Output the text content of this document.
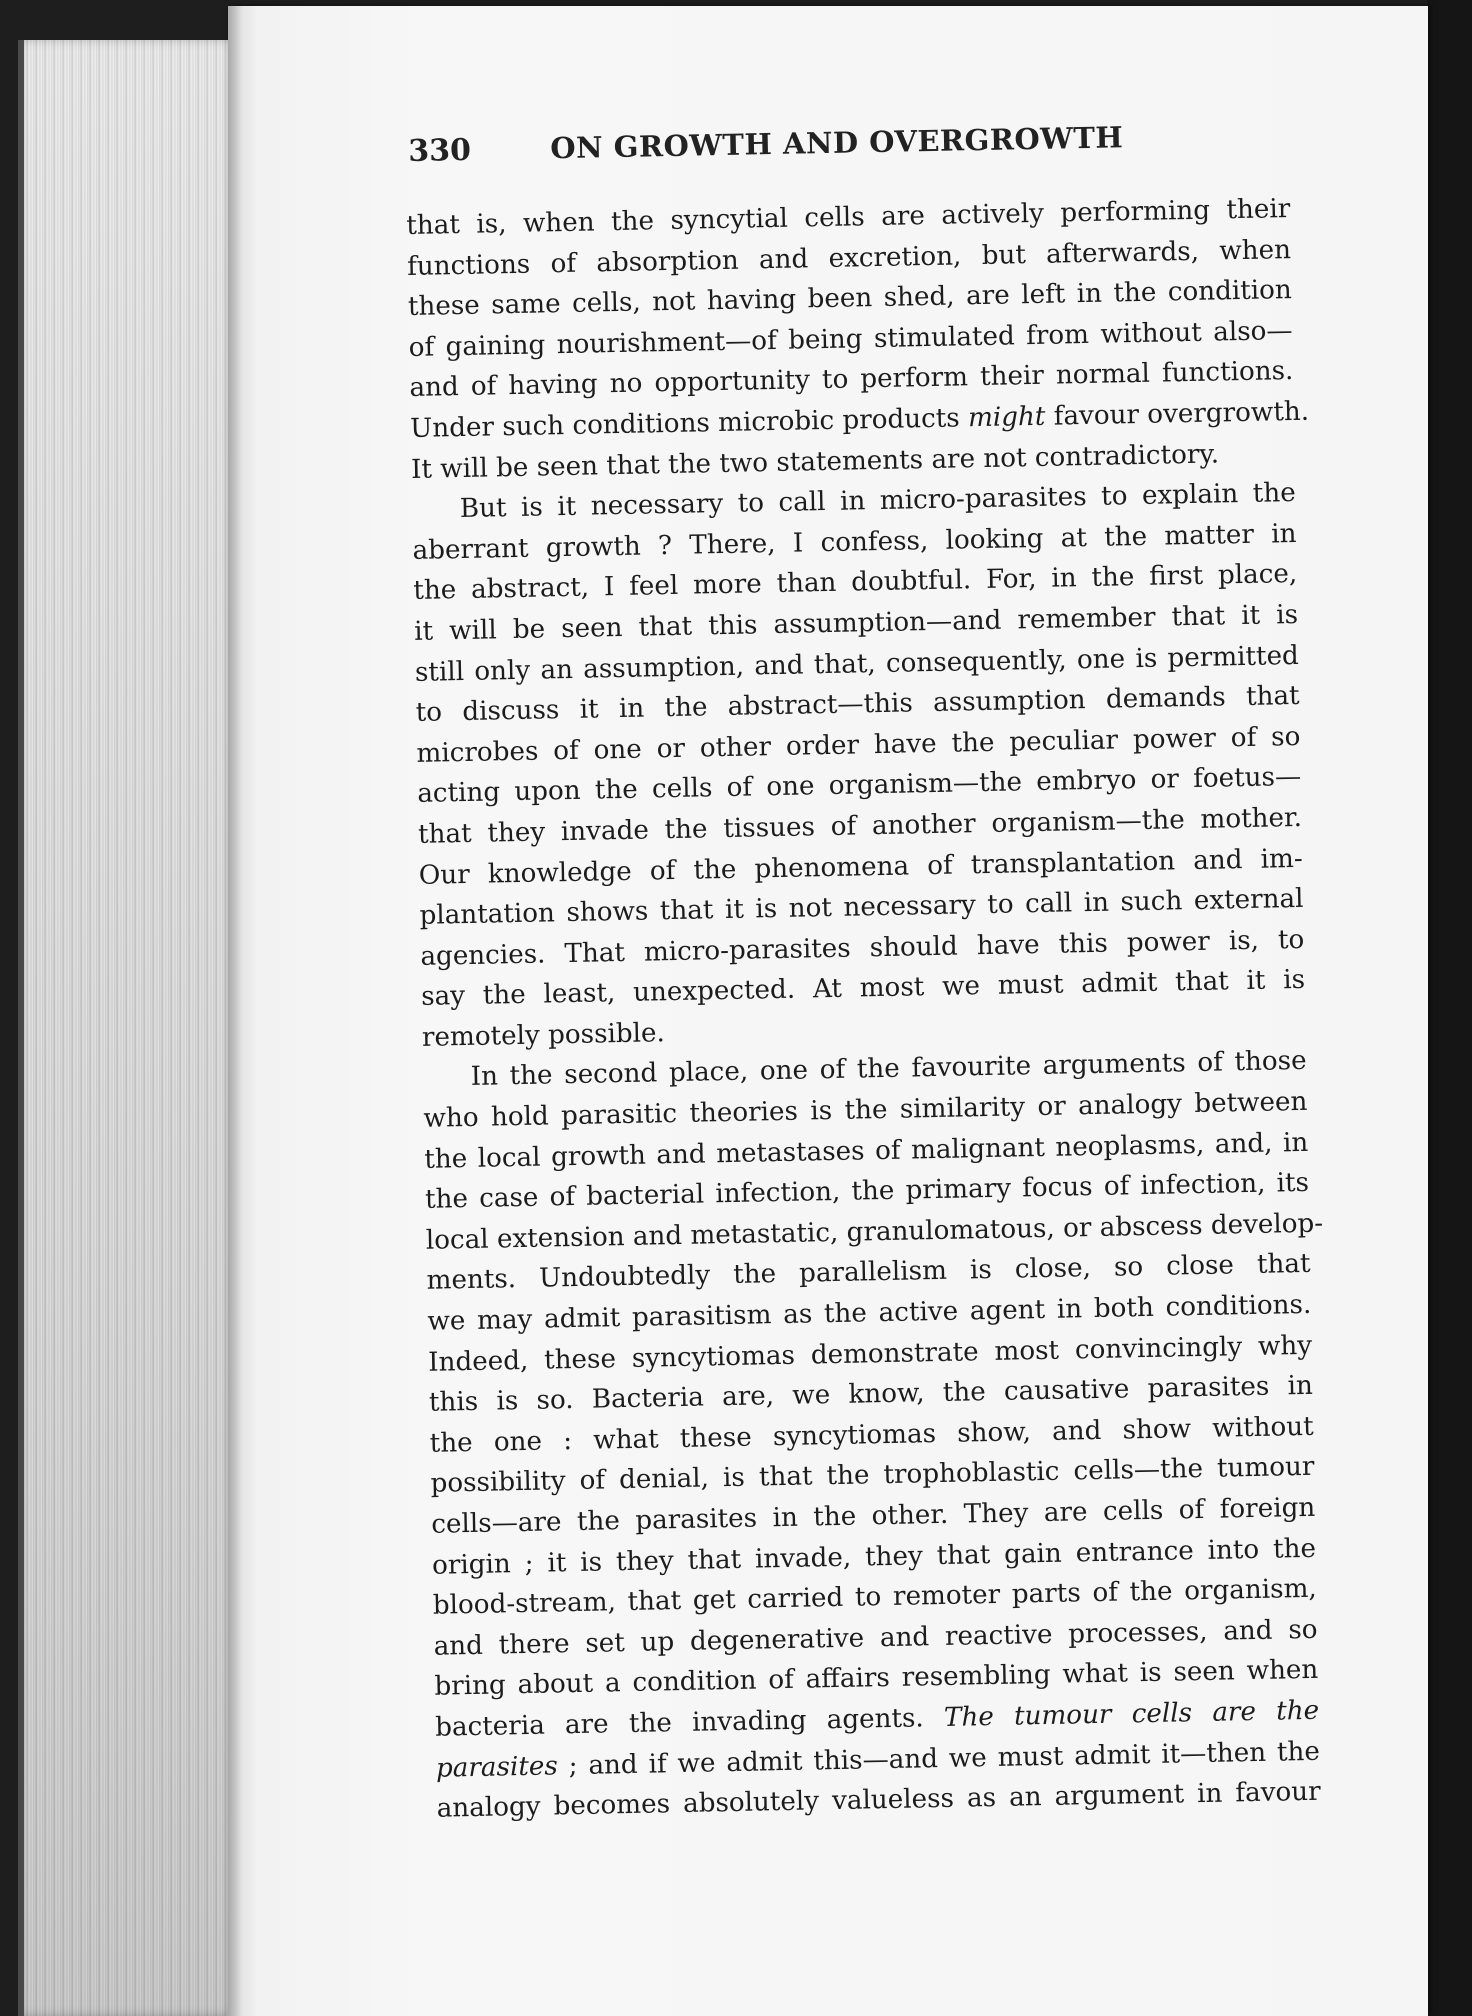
330	ON GROWTH AND OVERGROWTH
that is, when the syncytial cells are actively performing their
functions of absorption and excretion, but afterwards, when
these same cells, not having been shed, are left in the condition
of gaining nourishment—of being stimulated from without also—
and of having no opportunity to perform their normal functions.
Under such conditions microbic products might favour overgrowth.
It will be seen that the two statements are not contradictory.
But is it necessary to call in micro-parasites to explain the
aberrant growth ? There, I confess, looking at the matter in
the abstract, I feel more than doubtful. For, in the first place,
it will be seen that this assumption—and remember that it is
still only an assumption, and that, consequently, one is permitted
to discuss it in the abstract—this assumption demands that
microbes of one or other order have the peculiar power of so
acting upon the cells of one organism—the embryo or foetus—
that they invade the tissues of another organism—the mother.
Our knowledge of the phenomena of transplantation and im-
plantation shows that it is not necessary to call in such external
agencies. That micro-parasites should have this power is, to
say the least, unexpected. At most we must admit that it is
remotely possible.
In the second place, one of the favourite arguments of those
who hold parasitic theories is the similarity or analogy between
the local growth and metastases of malignant neoplasms, and, in
the case of bacterial infection, the primary focus of infection, its
local extension and metastatic, granulomatous, or abscess develop-
ments. Undoubtedly the parallelism is close, so close that
we may admit parasitism as the active agent in both conditions.
Indeed, these syncytiomas demonstrate most convincingly why
this is so. Bacteria are, we know, the causative parasites in
the one : what these syncytiomas show, and show without
possibility of denial, is that the trophoblastic cells—the tumour
cells—are the parasites in the other. They are cells of foreign
origin ; it is they that invade, they that gain entrance into the
blood-stream, that get carried to remoter parts of the organism,
and there set up degenerative and reactive processes, and so
bring about a condition of affairs resembling what is seen when
bacteria are the invading agents. The tumour cells are the
parasites ; and if we admit this—and we must admit it—then the
analogy becomes absolutely valueless as an argument in favour
